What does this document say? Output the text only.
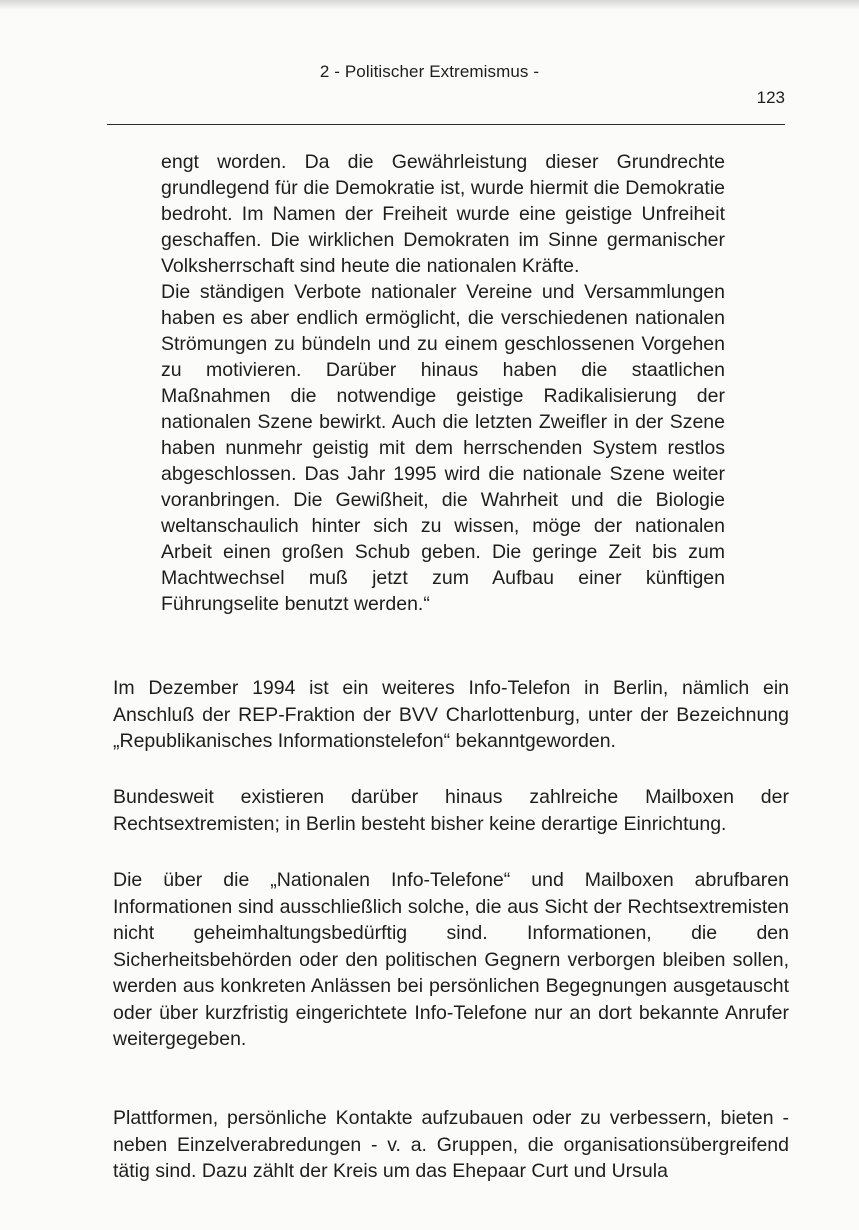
2 - Politischer Extremismus -
123

engt worden. Da die Gewährleistung dieser Grundrechte grundlegend für die Demokratie ist, wurde hiermit die Demokratie bedroht. Im Namen der Freiheit wurde eine geistige Unfreiheit geschaffen. Die wirklichen Demokraten im Sinne germanischer Volksherrschaft sind heute die nationalen Kräfte.

Die ständigen Verbote nationaler Vereine und Versammlungen haben es aber endlich ermöglicht, die verschiedenen nationalen Strömungen zu bündeln und zu einem geschlossenen Vorgehen zu motivieren. Darüber hinaus haben die staatlichen Maßnahmen die notwendige geistige Radikalisierung der nationalen Szene bewirkt. Auch die letzten Zweifler in der Szene haben nunmehr geistig mit dem herrschenden System restlos abgeschlossen. Das Jahr 1995 wird die nationale Szene weiter voranbringen. Die Gewißheit, die Wahrheit und die Biologie weltanschaulich hinter sich zu wissen, möge der nationalen Arbeit einen großen Schub geben. Die geringe Zeit bis zum Machtwechsel muß jetzt zum Aufbau einer künftigen Führungselite benutzt werden.“

Im Dezember 1994 ist ein weiteres Info-Telefon in Berlin, nämlich ein Anschluß der REP-Fraktion der BVV Charlottenburg, unter der Bezeichnung „Republikanisches Informationstelefon“ bekanntgeworden.

Bundesweit existieren darüber hinaus zahlreiche Mailboxen der Rechtsextremisten; in Berlin besteht bisher keine derartige Einrichtung.

Die über die „Nationalen Info-Telefone“ und Mailboxen abrufbaren Informationen sind ausschließlich solche, die aus Sicht der Rechtsextremisten nicht geheimhaltungsbedürftig sind. Informationen, die den Sicherheitsbehörden oder den politischen Gegnern verborgen bleiben sollen, werden aus konkreten Anlässen bei persönlichen Begegnungen ausgetauscht oder über kurzfristig eingerichtete Info-Telefone nur an dort bekannte Anrufer weitergegeben.

Plattformen, persönliche Kontakte aufzubauen oder zu verbessern, bieten - neben Einzelverabredungen - v. a. Gruppen, die organisationsübergreifend tätig sind. Dazu zählt der Kreis um das Ehepaar Curt und Ursula
